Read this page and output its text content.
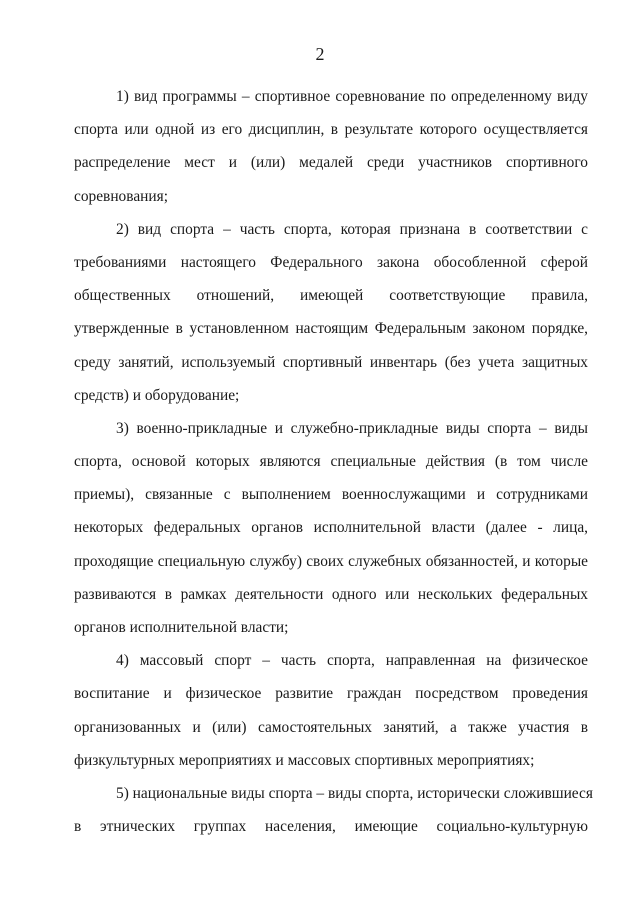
2
1) вид программы – спортивное соревнование по определенному виду
спорта или одной из его дисциплин, в результате которого осуществляется
распределение мест и (или) медалей среди участников спортивного
соревнования;
2) вид спорта – часть спорта, которая признана в соответствии с
требованиями настоящего Федерального закона обособленной сферой
общественных отношений, имеющей соответствующие правила,
утвержденные в установленном настоящим Федеральным законом порядке,
среду занятий, используемый спортивный инвентарь (без учета защитных
средств) и оборудование;
3) военно-прикладные и служебно-прикладные виды спорта – виды
спорта, основой которых являются специальные действия (в том числе
приемы), связанные с выполнением военнослужащими и сотрудниками
некоторых федеральных органов исполнительной власти (далее - лица,
проходящие специальную службу) своих служебных обязанностей, и которые
развиваются в рамках деятельности одного или нескольких федеральных
органов исполнительной власти;
4) массовый спорт – часть спорта, направленная на физическое
воспитание и физическое развитие граждан посредством проведения
организованных и (или) самостоятельных занятий, а также участия в
физкультурных мероприятиях и массовых спортивных мероприятиях;
5) национальные виды спорта – виды спорта, исторически сложившиеся
в этнических группах населения, имеющие социально-культурную
